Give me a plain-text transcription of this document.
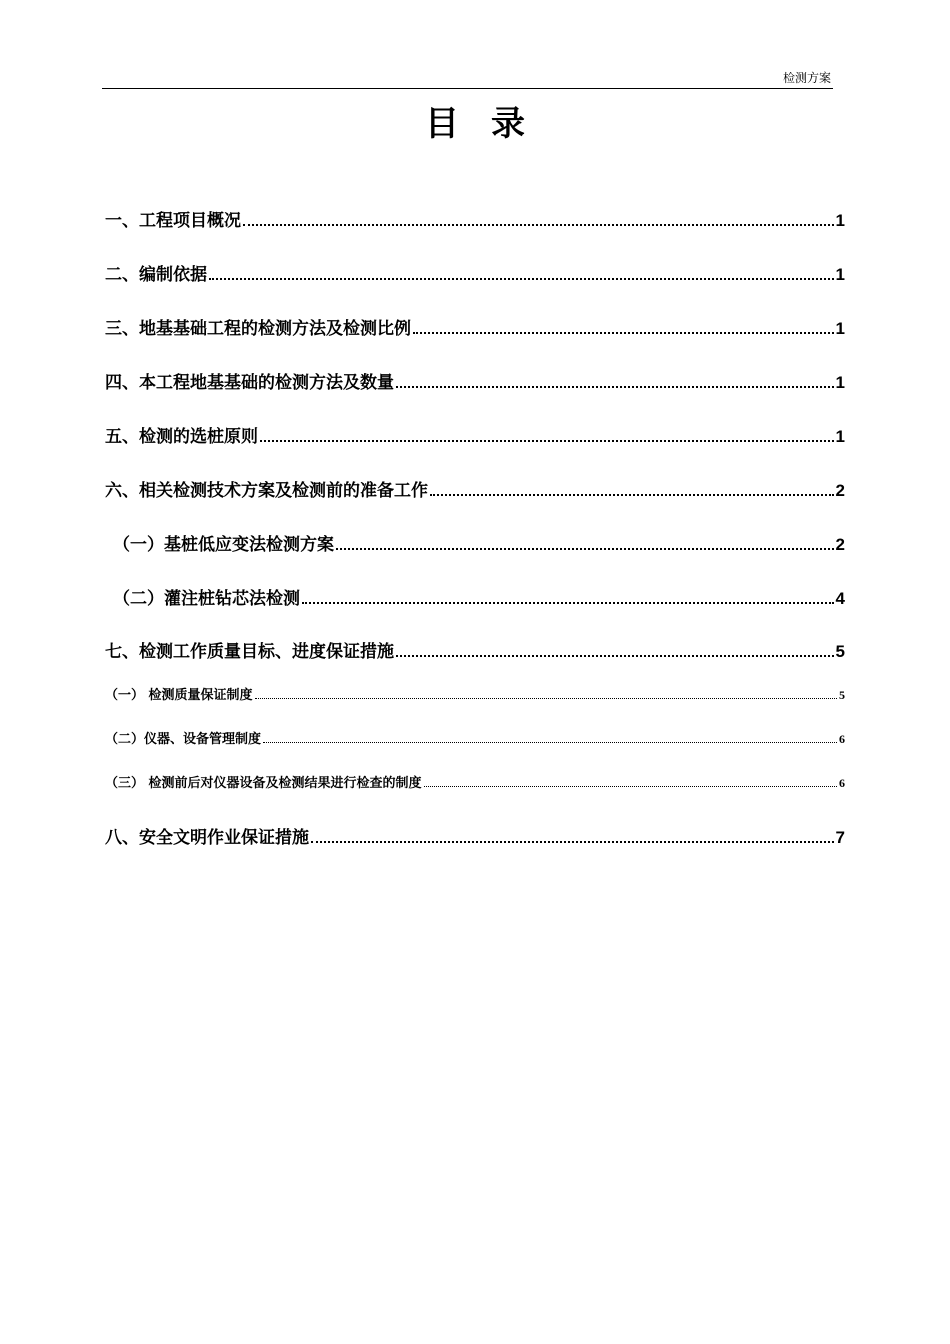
检测方案
目录
一、工程项目概况	1
二、编制依据	1
三、地基基础工程的检测方法及检测比例	1
四、本工程地基基础的检测方法及数量	1
五、检测的选桩原则	1
六、相关检测技术方案及检测前的准备工作	2
（一）基桩低应变法检测方案	2
（二）灌注桩钻芯法检测	4
七、检测工作质量目标、进度保证措施	5
（一） 检测质量保证制度	5
（二）仪器、设备管理制度	6
（三） 检测前后对仪器设备及检测结果进行检查的制度	6
八、安全文明作业保证措施	7
